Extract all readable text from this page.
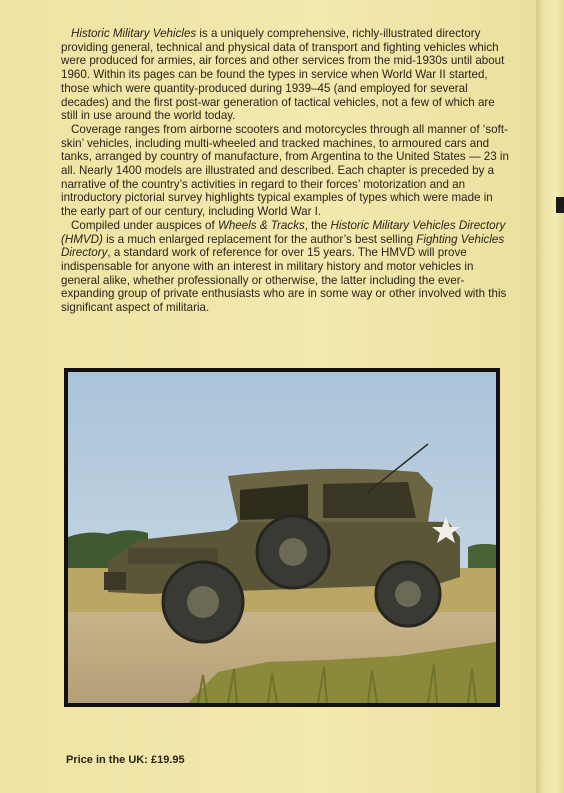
Historic Military Vehicles is a uniquely comprehensive, richly-illustrated directory providing general, technical and physical data of transport and fighting vehicles which were produced for armies, air forces and other services from the mid-1930s until about 1960. Within its pages can be found the types in service when World War II started, those which were quantity-produced during 1939–45 (and employed for several decades) and the first post-war generation of tactical vehicles, not a few of which are still in use around the world today.

Coverage ranges from airborne scooters and motorcycles through all manner of ‘soft-skin’ vehicles, including multi-wheeled and tracked machines, to armoured cars and tanks, arranged by country of manufacture, from Argentina to the United States — 23 in all. Nearly 1400 models are illustrated and described. Each chapter is preceded by a narrative of the country’s activities in regard to their forces’ motorization and an introductory pictorial survey highlights typical examples of types which were made in the early part of our century, including World War I.

Compiled under auspices of Wheels & Tracks, the Historic Military Vehicles Directory (HMVD) is a much enlarged replacement for the author’s best selling Fighting Vehicles Directory, a standard work of reference for over 15 years. The HMVD will prove indispensable for anyone with an interest in military history and motor vehicles in general alike, whether professionally or otherwise, the latter including the ever-expanding group of private enthusiasts who are in some way or other involved with this significant aspect of militaria.

Price in the UK: £19.95
